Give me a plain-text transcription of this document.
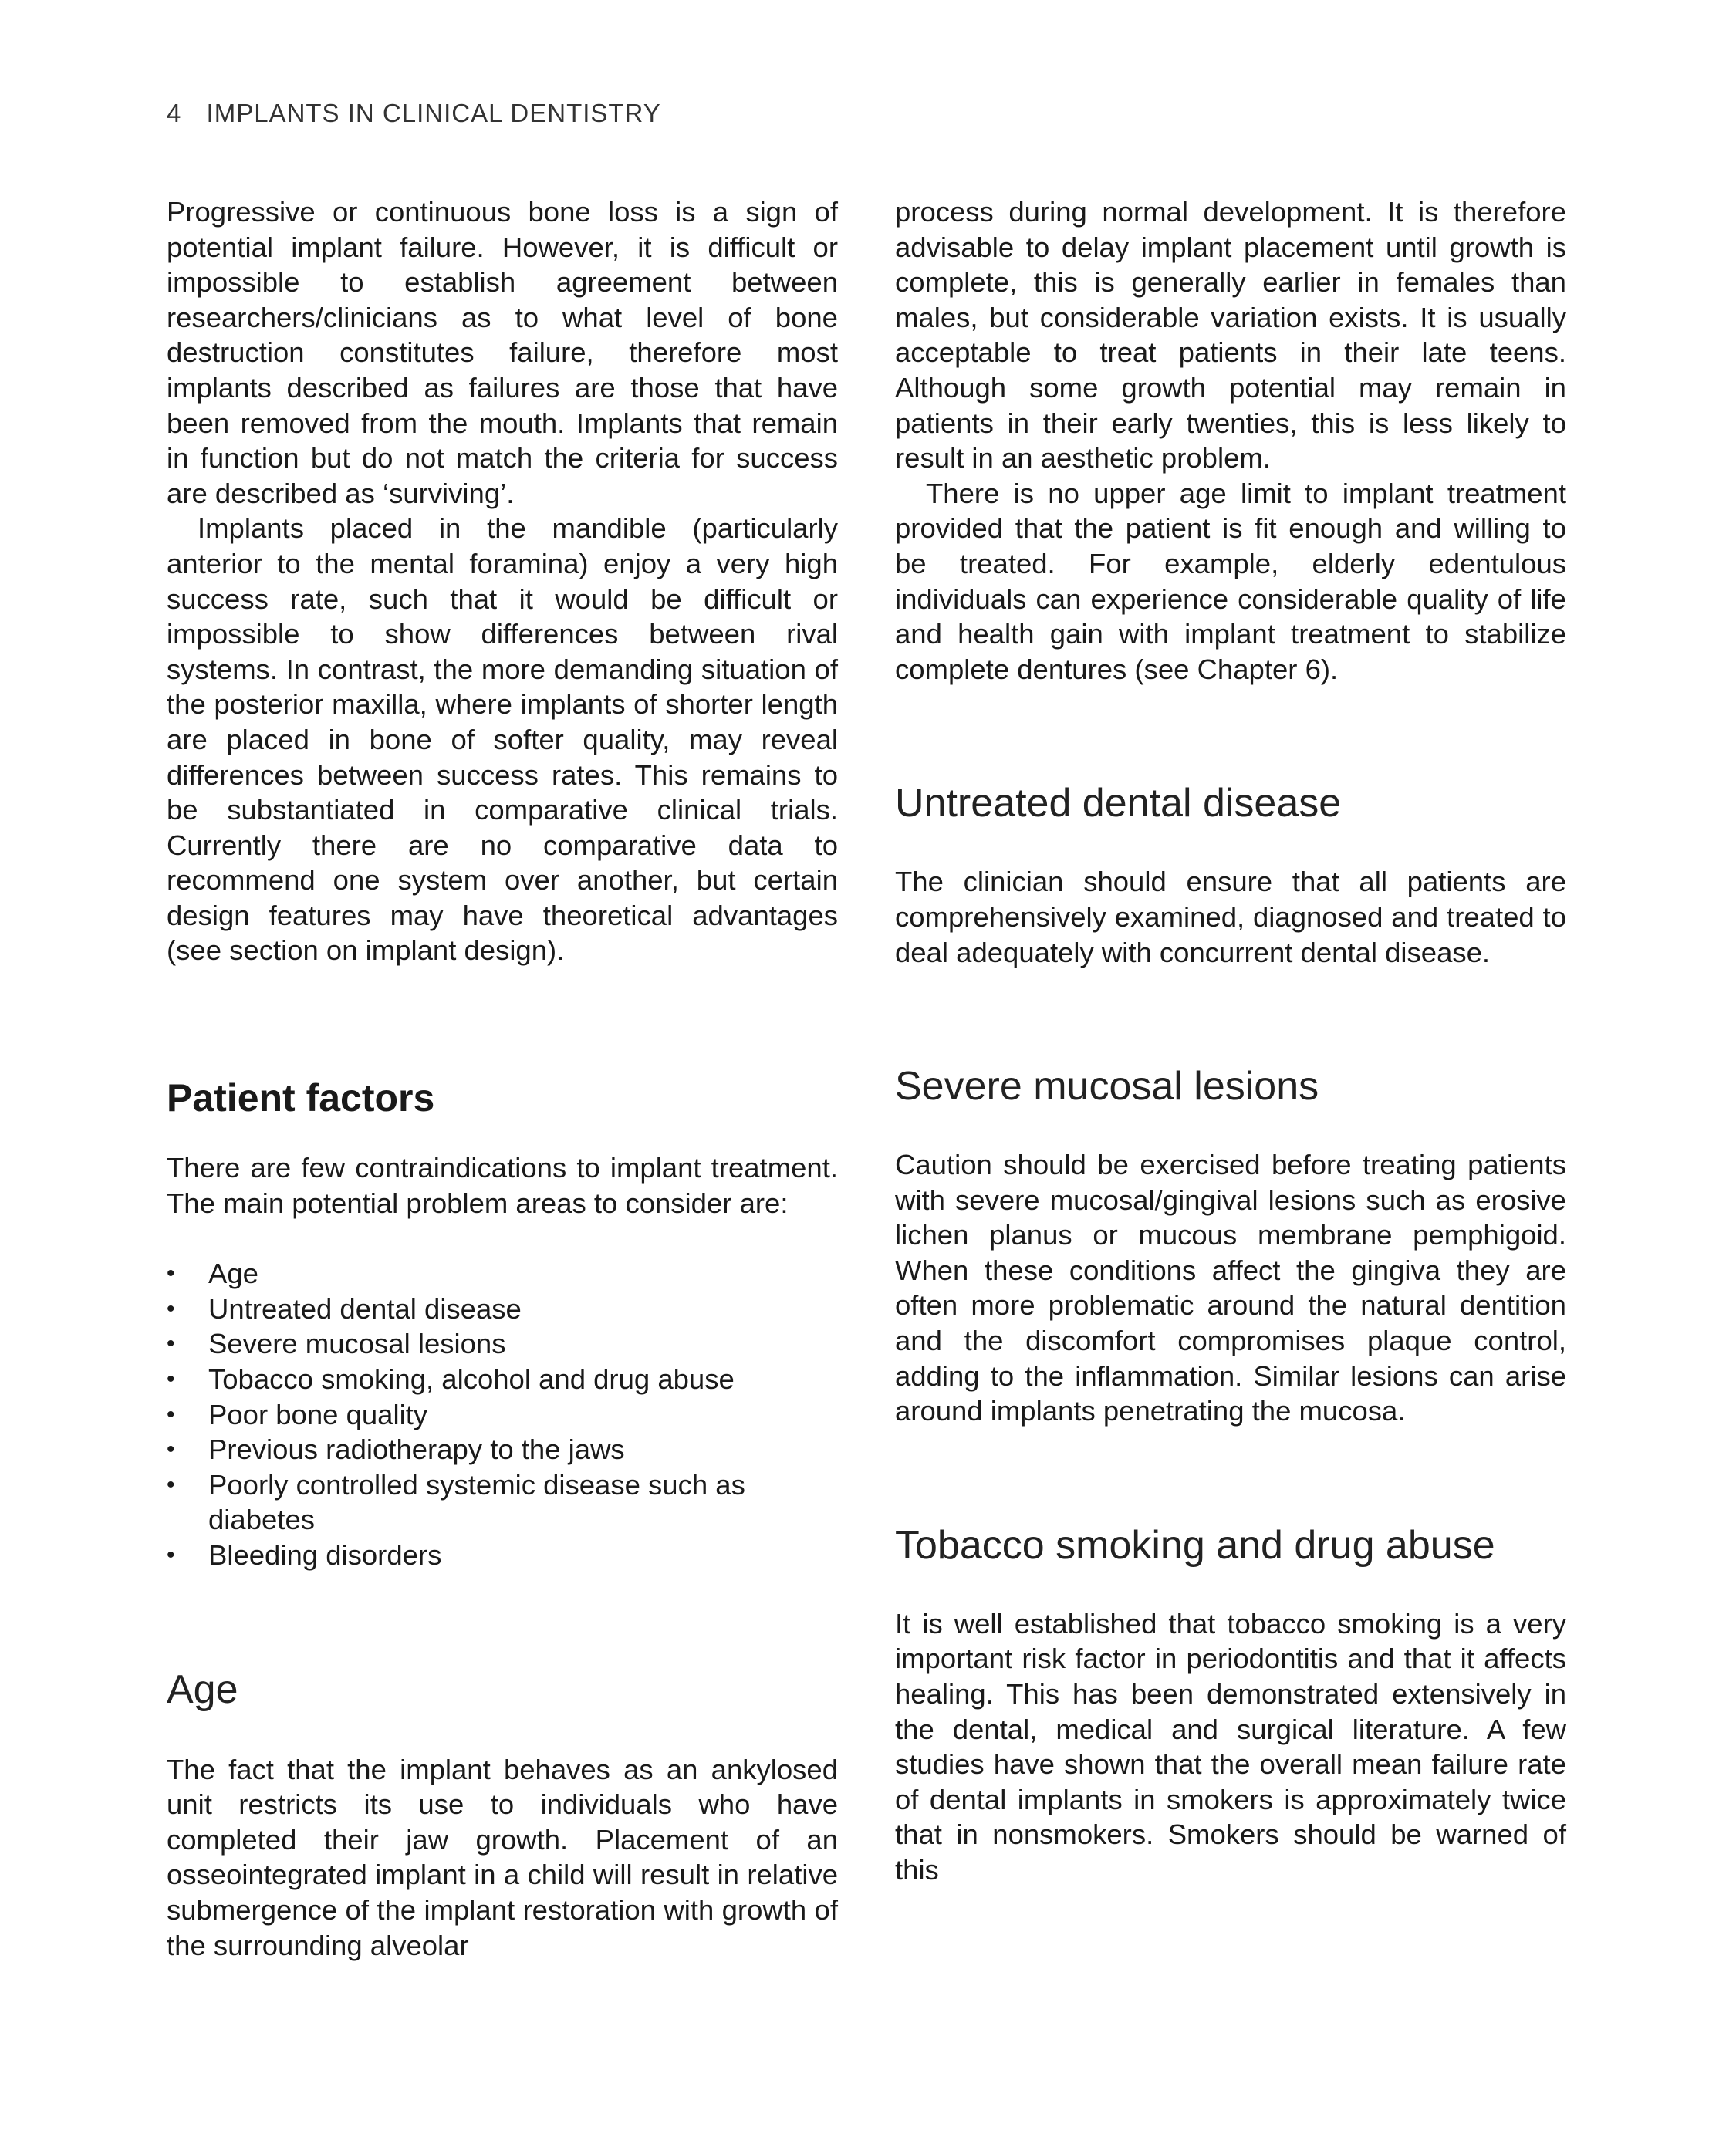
4 IMPLANTS IN CLINICAL DENTISTRY

Progressive or continuous bone loss is a sign of potential implant failure. However, it is difficult or impossible to establish agreement between researchers/clinicians as to what level of bone destruction constitutes failure, therefore most implants described as failures are those that have been removed from the mouth. Implants that remain in function but do not match the criteria for success are described as ‘surviving’.

Implants placed in the mandible (particularly anterior to the mental foramina) enjoy a very high success rate, such that it would be difficult or impossible to show differences between rival systems. In contrast, the more demanding situation of the posterior maxilla, where implants of shorter length are placed in bone of softer quality, may reveal differences between success rates. This remains to be substantiated in comparative clinical trials. Currently there are no comparative data to recommend one system over another, but certain design features may have theoretical advantages (see section on implant design).

Patient factors

There are few contraindications to implant treatment. The main potential problem areas to consider are:

• Age
• Untreated dental disease
• Severe mucosal lesions
• Tobacco smoking, alcohol and drug abuse
• Poor bone quality
• Previous radiotherapy to the jaws
• Poorly controlled systemic disease such as diabetes
• Bleeding disorders
Age

The fact that the implant behaves as an ankylosed unit restricts its use to individuals who have completed their jaw growth. Placement of an osseointegrated implant in a child will result in relative submergence of the implant restoration with growth of the surrounding alveolar

process during normal development. It is therefore advisable to delay implant placement until growth is complete, this is generally earlier in females than males, but considerable variation exists. It is usually acceptable to treat patients in their late teens. Although some growth potential may remain in patients in their early twenties, this is less likely to result in an aesthetic problem.

There is no upper age limit to implant treatment provided that the patient is fit enough and willing to be treated. For example, elderly edentulous individuals can experience considerable quality of life and health gain with implant treatment to stabilize complete dentures (see Chapter 6).

Untreated dental disease

The clinician should ensure that all patients are comprehensively examined, diagnosed and treated to deal adequately with concurrent dental disease.

Severe mucosal lesions

Caution should be exercised before treating patients with severe mucosal/gingival lesions such as erosive lichen planus or mucous membrane pemphigoid. When these conditions affect the gingiva they are often more problematic around the natural dentition and the discomfort compromises plaque control, adding to the inflammation. Similar lesions can arise around implants penetrating the mucosa.

Tobacco smoking and drug abuse

It is well established that tobacco smoking is a very important risk factor in periodontitis and that it affects healing. This has been demonstrated extensively in the dental, medical and surgical literature. A few studies have shown that the overall mean failure rate of dental implants in smokers is approximately twice that in nonsmokers. Smokers should be warned of this
